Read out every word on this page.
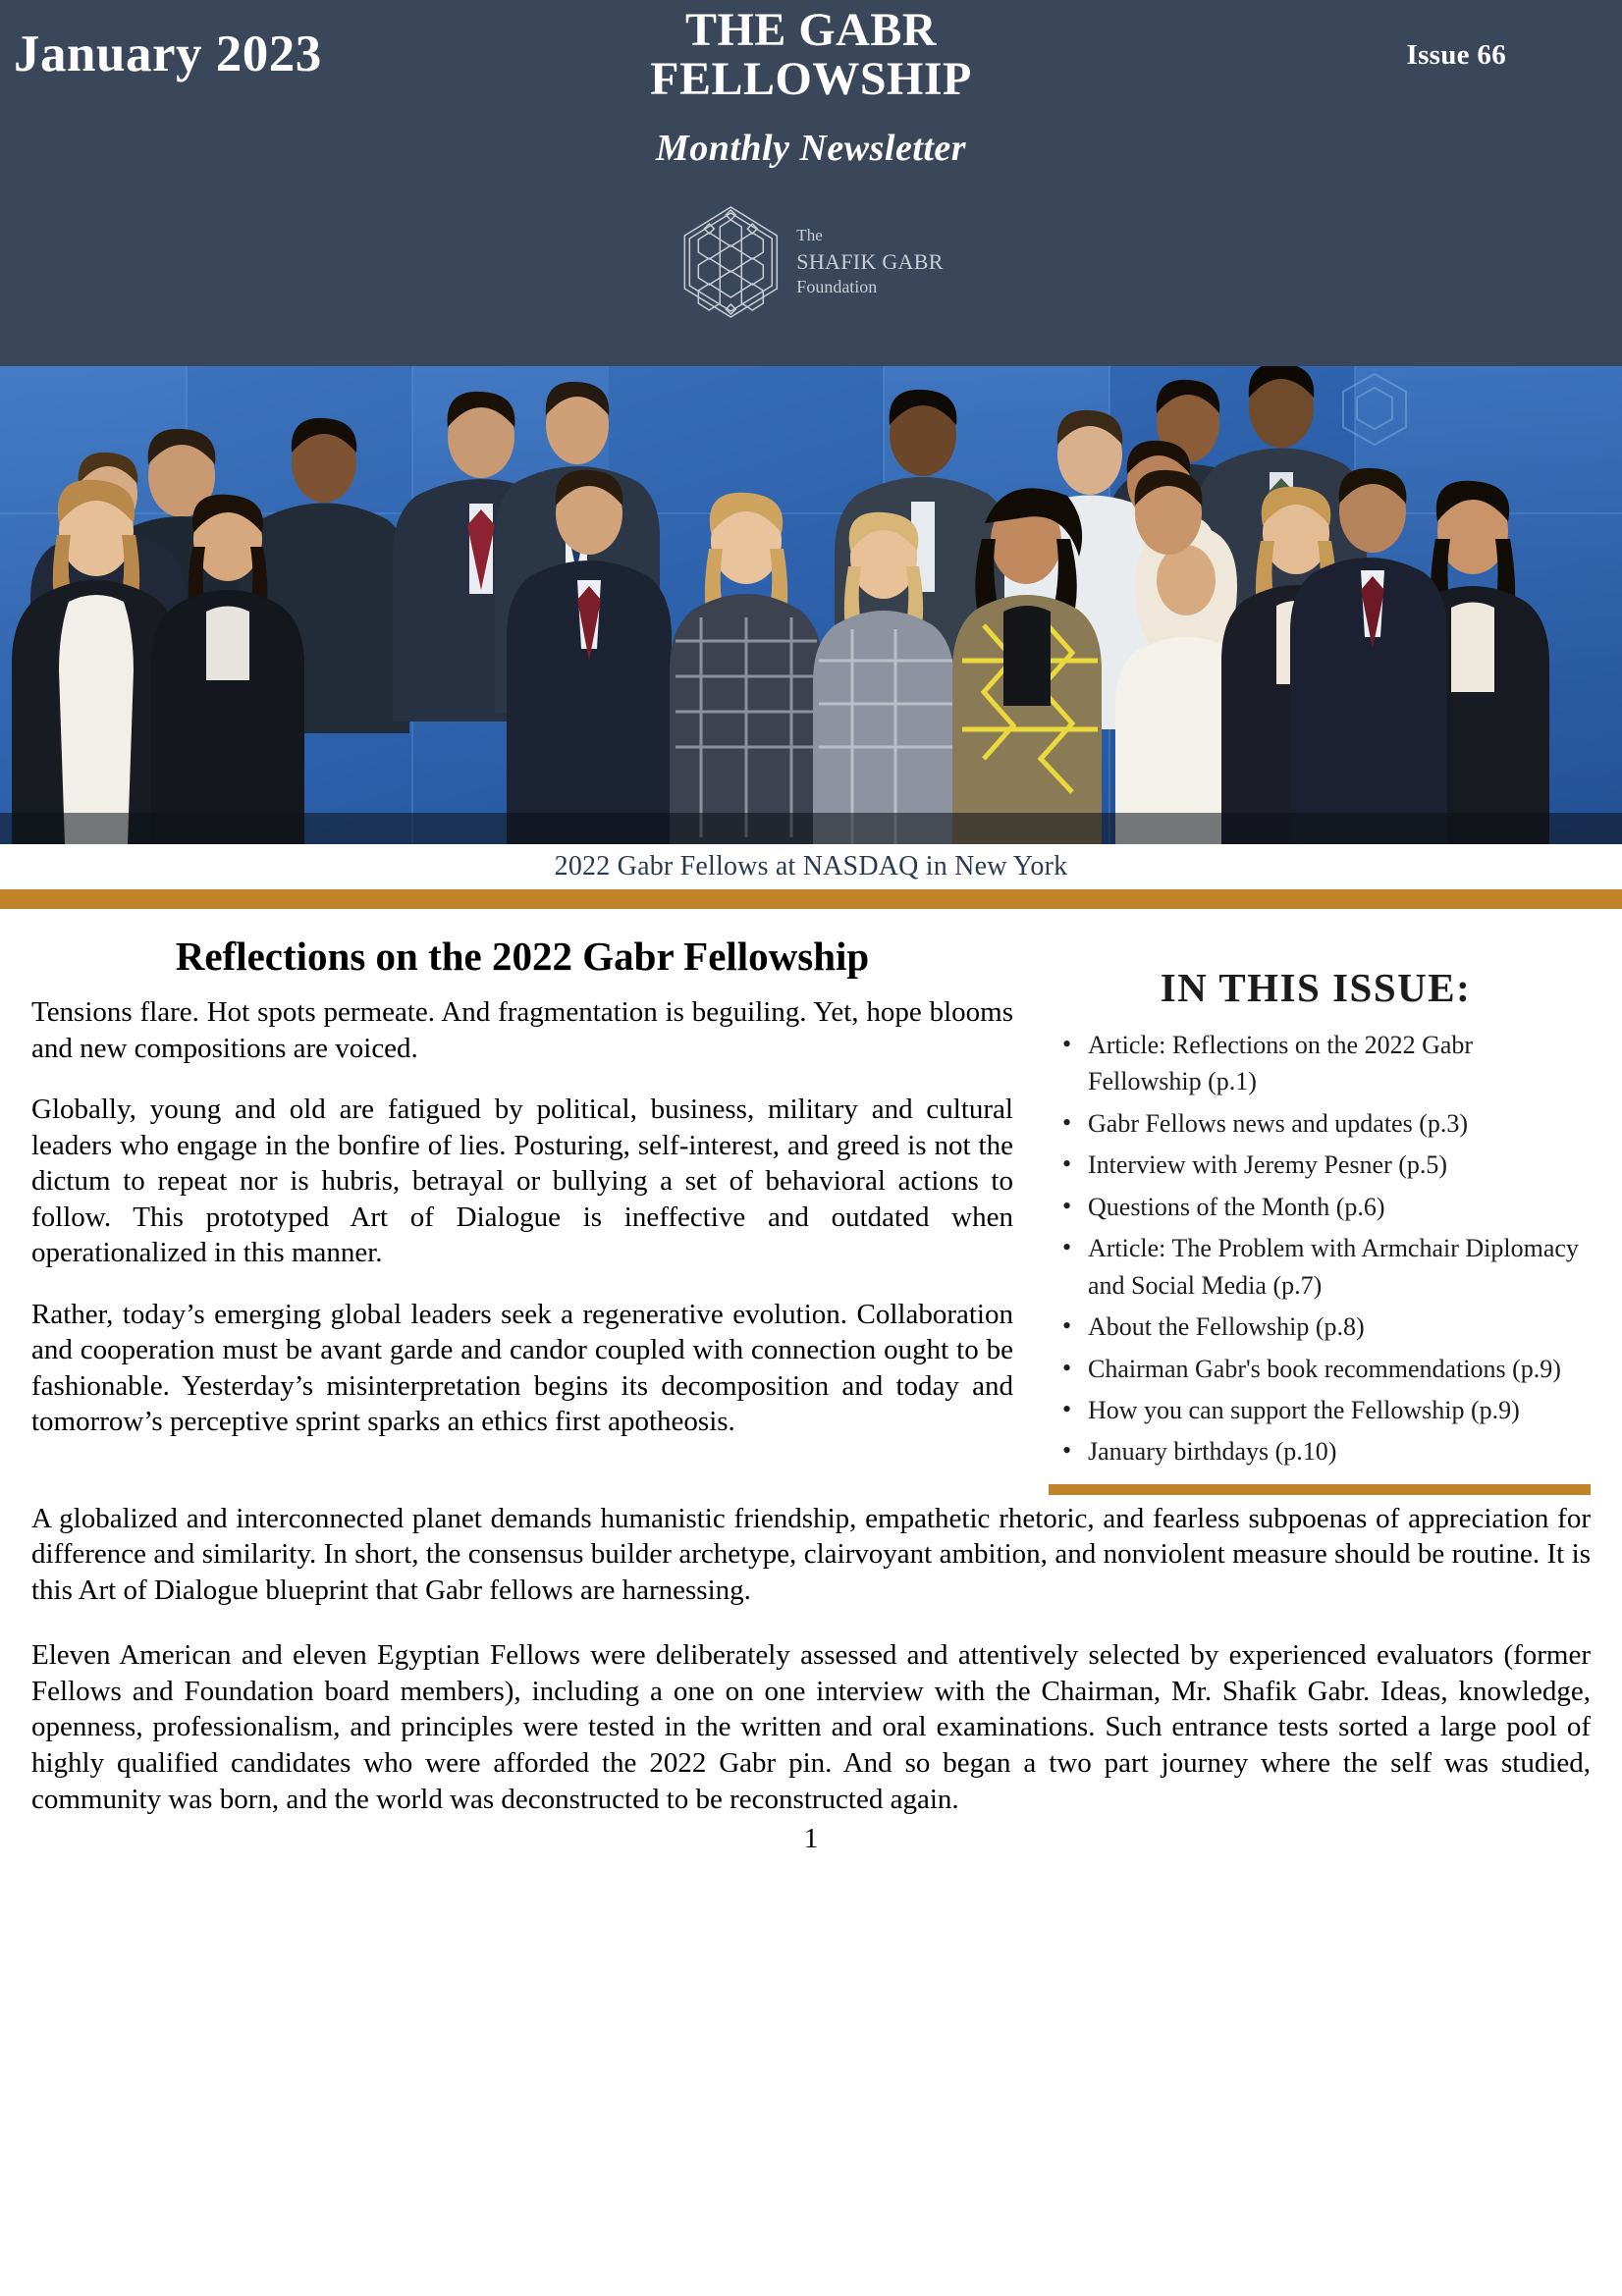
January 2023	THE GABR FELLOWSHIP
Monthly Newsletter
Issue 66
The
SHAFIK GABR
Foundation
2022 Gabr Fellows at NASDAQ in New York
Reflections on the 2022 Gabr Fellowship

Tensions flare. Hot spots permeate. And fragmentation is beguiling. Yet, hope blooms and new compositions are voiced.

Globally, young and old are fatigued by political, business, military and cultural leaders who engage in the bonfire of lies. Posturing, self-interest, and greed is not the dictum to repeat nor is hubris, betrayal or bullying a set of behavioral actions to follow. This prototyped Art of Dialogue is ineffective and outdated when operationalized in this manner.

Rather, today’s emerging global leaders seek a regenerative evolution. Collaboration and cooperation must be avant garde and candor coupled with connection ought to be fashionable. Yesterday’s misinterpretation begins its decomposition and today and tomorrow’s perceptive sprint sparks an ethics first apotheosis.

IN THIS ISSUE:
• Article: Reflections on the 2022 Gabr Fellowship (p.1)
• Gabr Fellows news and updates (p.3)
• Interview with Jeremy Pesner (p.5)
• Questions of the Month (p.6)
• Article: The Problem with Armchair Diplomacy and Social Media (p.7)
• About the Fellowship (p.8)
• Chairman Gabr's book recommendations (p.9)
• How you can support the Fellowship (p.9)
• January birthdays (p.10)

A globalized and interconnected planet demands humanistic friendship, empathetic rhetoric, and fearless subpoenas of appreciation for difference and similarity. In short, the consensus builder archetype, clairvoyant ambition, and nonviolent measure should be routine. It is this Art of Dialogue blueprint that Gabr fellows are harnessing.

Eleven American and eleven Egyptian Fellows were deliberately assessed and attentively selected by experienced evaluators (former Fellows and Foundation board members), including a one on one interview with the Chairman, Mr. Shafik Gabr. Ideas, knowledge, openness, professionalism, and principles were tested in the written and oral examinations. Such entrance tests sorted a large pool of highly qualified candidates who were afforded the 2022 Gabr pin. And so began a two part journey where the self was studied, community was born, and the world was deconstructed to be reconstructed again.

1
